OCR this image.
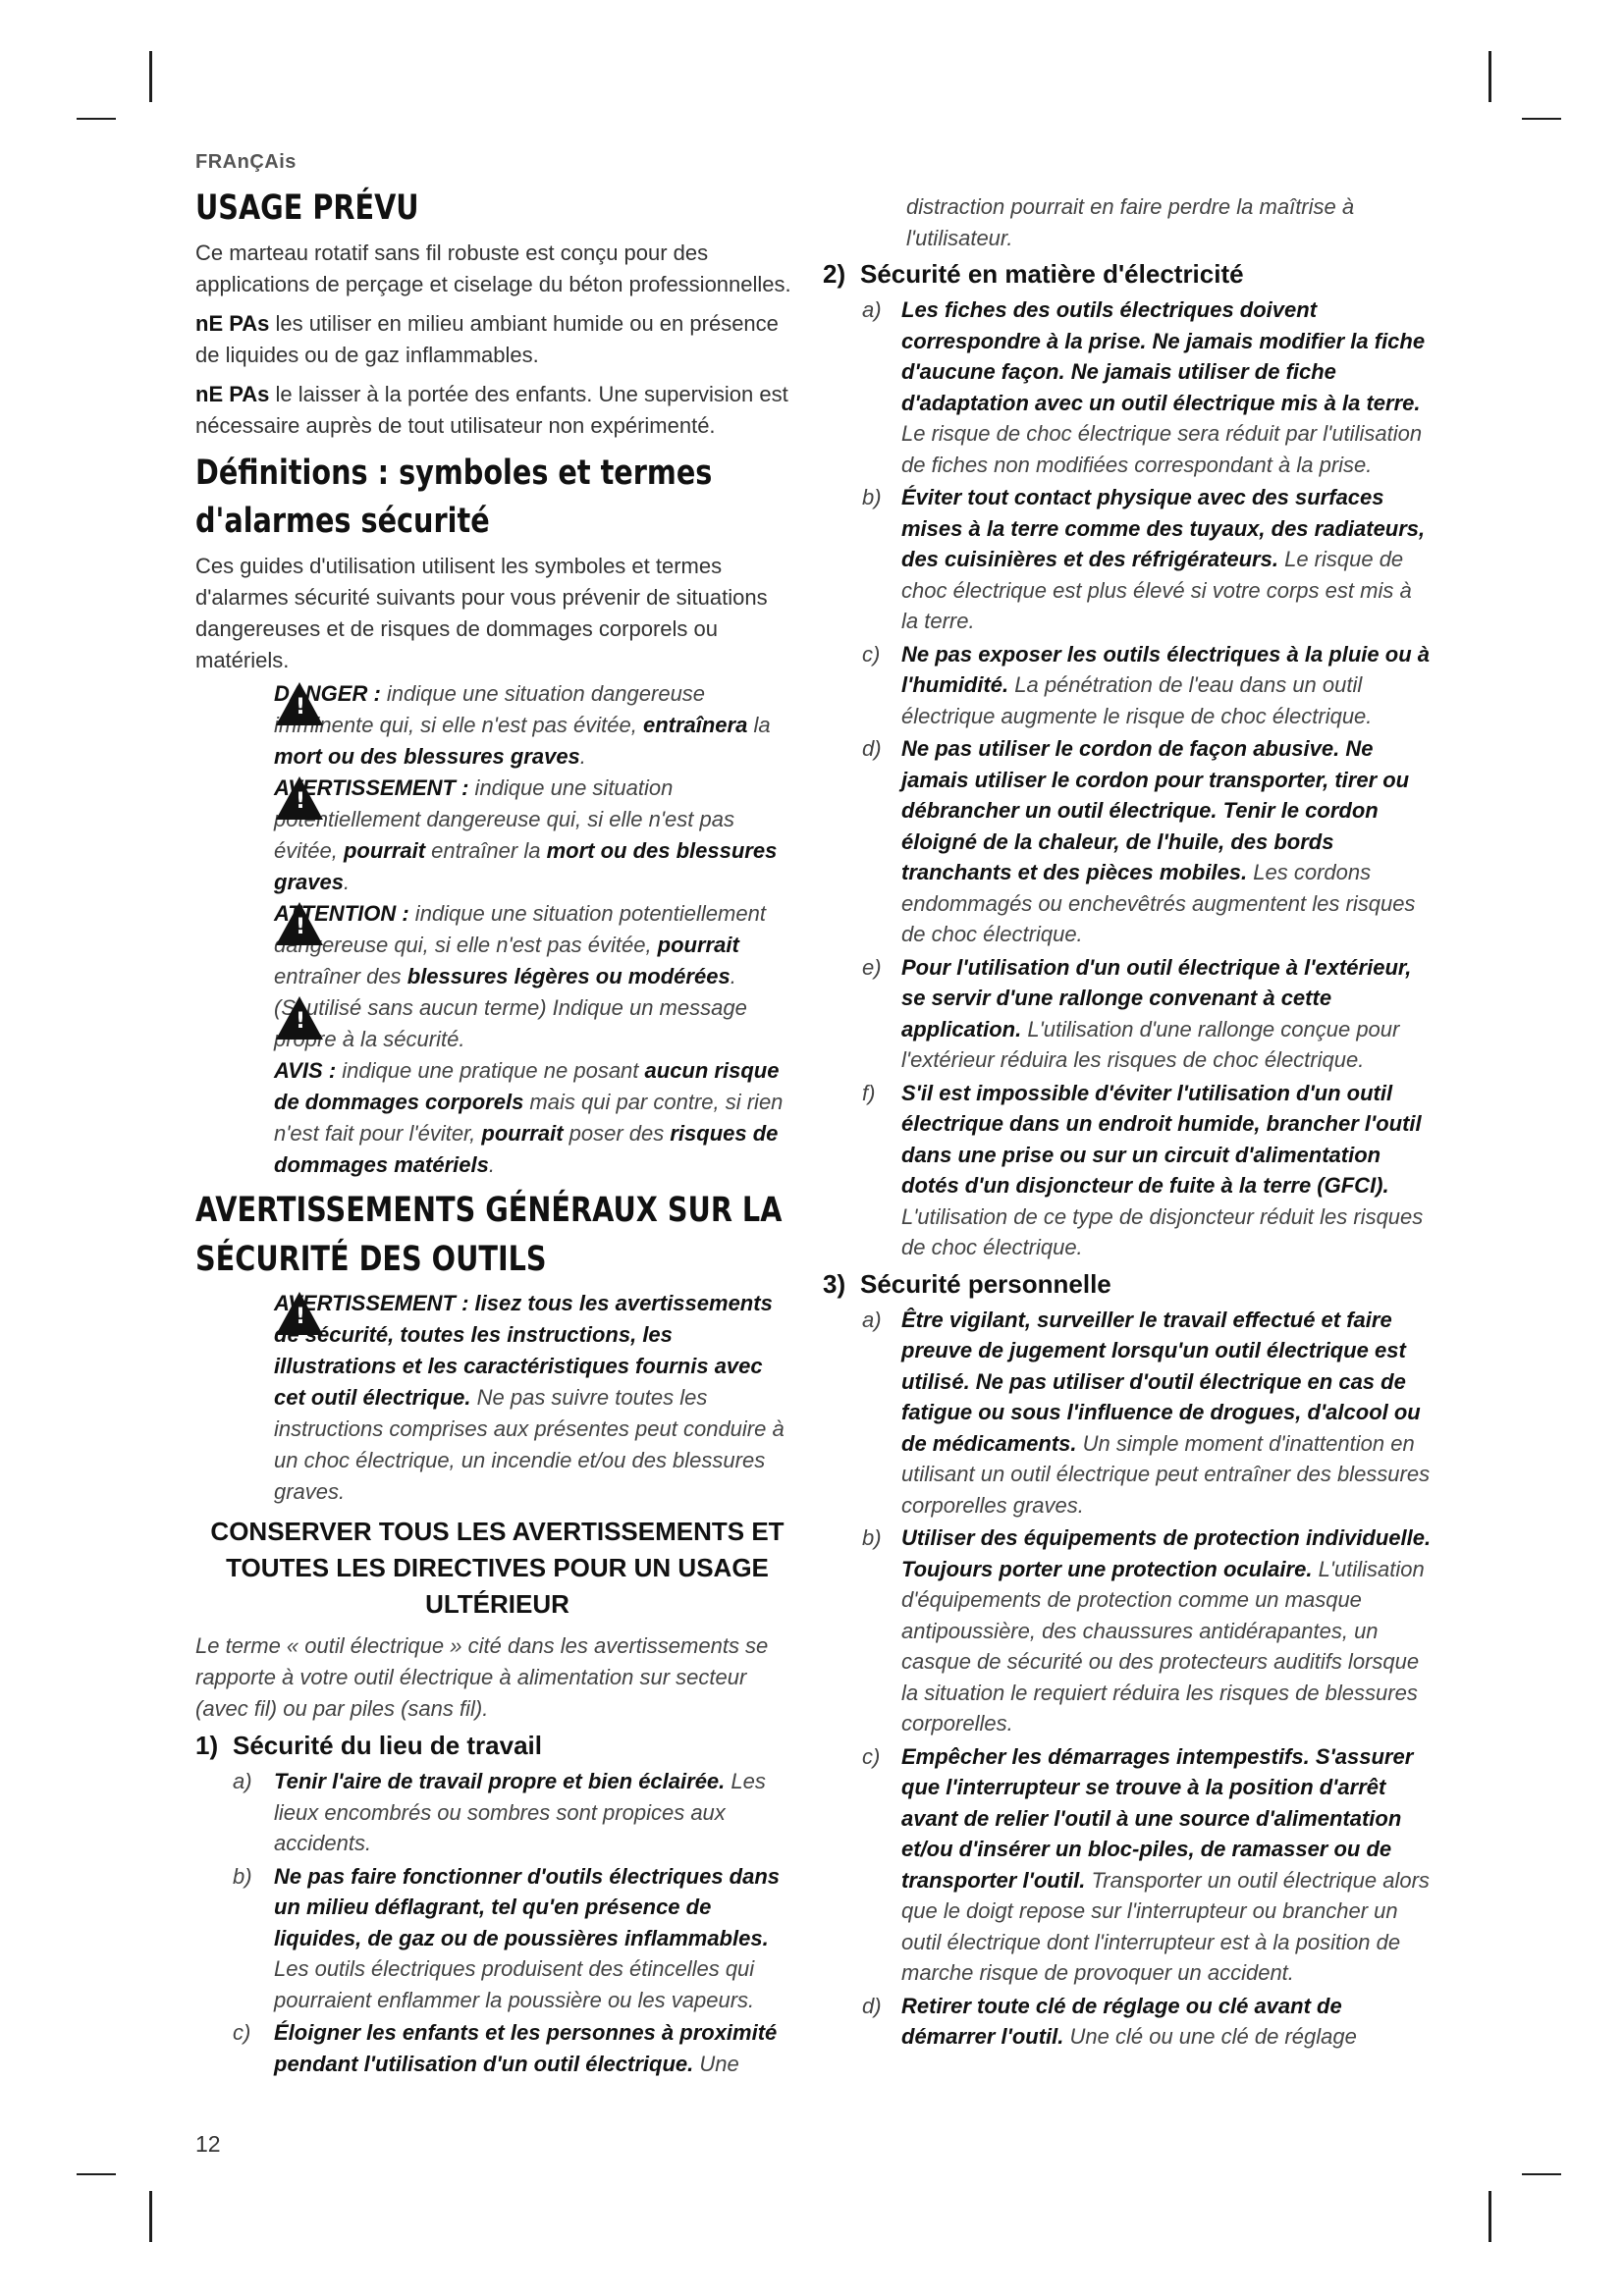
FRAnÇAis
USAGE PRÉVU

Ce marteau rotatif sans fil robuste est conçu pour des applications de perçage et ciselage du béton professionnelles.

nE PAs les utiliser en milieu ambiant humide ou en présence de liquides ou de gaz inflammables.

nE PAs le laisser à la portée des enfants. Une supervision est nécessaire auprès de tout utilisateur non expérimenté.

Définitions : symboles et termes d'alarmes sécurité

Ces guides d'utilisation utilisent les symboles et termes d'alarmes sécurité suivants pour vous prévenir de situations dangereuses et de risques de dommages corporels ou matériels.

!
DANGER : indique une situation dangereuse imminente qui, si elle n'est pas évitée, entraînera la mort ou des blessures graves.
!
AVERTISSEMENT : indique une situation potentiellement dangereuse qui, si elle n'est pas évitée, pourrait entraîner la mort ou des blessures graves.
!
ATTENTION : indique une situation potentiellement dangereuse qui, si elle n'est pas évitée, pourrait entraîner des blessures légères ou modérées.
!
(Si utilisé sans aucun terme) Indique un message propre à la sécurité.
AVIS : indique une pratique ne posant aucun risque de dommages corporels mais qui par contre, si rien n'est fait pour l'éviter, pourrait poser des risques de dommages matériels.
AVERTISSEMENTS GÉNÉRAUX SUR LA SÉCURITÉ DES OUTILS
!
AVERTISSEMENT : lisez tous les avertissements de sécurité, toutes les instructions, les illustrations et les caractéristiques fournis avec cet outil électrique. Ne pas suivre toutes les instructions comprises aux présentes peut conduire à un choc électrique, un incendie et/ou des blessures graves.
CONSERVER TOUS LES AVERTISSEMENTS ET TOUTES LES DIRECTIVES POUR UN USAGE ULTÉRIEUR

Le terme « outil électrique » cité dans les avertissements se rapporte à votre outil électrique à alimentation sur secteur (avec fil) ou par piles (sans fil).

1) Sécurité du lieu de travail
a) Tenir l'aire de travail propre et bien éclairée. Les lieux encombrés ou sombres sont propices aux accidents.
b) Ne pas faire fonctionner d'outils électriques dans un milieu déflagrant, tel qu'en présence de liquides, de gaz ou de poussières inflammables. Les outils électriques produisent des étincelles qui pourraient enflammer la poussière ou les vapeurs.
c) Éloigner les enfants et les personnes à proximité pendant l'utilisation d'un outil électrique. Une
distraction pourrait en faire perdre la maîtrise à l'utilisateur.
2) Sécurité en matière d'électricité
a) Les fiches des outils électriques doivent correspondre à la prise. Ne jamais modifier la fiche d'aucune façon. Ne jamais utiliser de fiche d'adaptation avec un outil électrique mis à la terre. Le risque de choc électrique sera réduit par l'utilisation de fiches non modifiées correspondant à la prise.
b) Éviter tout contact physique avec des surfaces mises à la terre comme des tuyaux, des radiateurs, des cuisinières et des réfrigérateurs. Le risque de choc électrique est plus élevé si votre corps est mis à la terre.
c) Ne pas exposer les outils électriques à la pluie ou à l'humidité. La pénétration de l'eau dans un outil électrique augmente le risque de choc électrique.
d) Ne pas utiliser le cordon de façon abusive. Ne jamais utiliser le cordon pour transporter, tirer ou débrancher un outil électrique. Tenir le cordon éloigné de la chaleur, de l'huile, des bords tranchants et des pièces mobiles. Les cordons endommagés ou enchevêtrés augmentent les risques de choc électrique.
e) Pour l'utilisation d'un outil électrique à l'extérieur, se servir d'une rallonge convenant à cette application. L'utilisation d'une rallonge conçue pour l'extérieur réduira les risques de choc électrique.
f) S'il est impossible d'éviter l'utilisation d'un outil électrique dans un endroit humide, brancher l'outil dans une prise ou sur un circuit d'alimentation dotés d'un disjoncteur de fuite à la terre (GFCI). L'utilisation de ce type de disjoncteur réduit les risques de choc électrique.
3) Sécurité personnelle
a) Être vigilant, surveiller le travail effectué et faire preuve de jugement lorsqu'un outil électrique est utilisé. Ne pas utiliser d'outil électrique en cas de fatigue ou sous l'influence de drogues, d'alcool ou de médicaments. Un simple moment d'inattention en utilisant un outil électrique peut entraîner des blessures corporelles graves.
b) Utiliser des équipements de protection individuelle. Toujours porter une protection oculaire. L'utilisation d'équipements de protection comme un masque antipoussière, des chaussures antidérapantes, un casque de sécurité ou des protecteurs auditifs lorsque la situation le requiert réduira les risques de blessures corporelles.
c) Empêcher les démarrages intempestifs. S'assurer que l'interrupteur se trouve à la position d'arrêt avant de relier l'outil à une source d'alimentation et/ou d'insérer un bloc-piles, de ramasser ou de transporter l'outil. Transporter un outil électrique alors que le doigt repose sur l'interrupteur ou brancher un outil électrique dont l'interrupteur est à la position de marche risque de provoquer un accident.
d) Retirer toute clé de réglage ou clé avant de démarrer l'outil. Une clé ou une clé de réglage
12
